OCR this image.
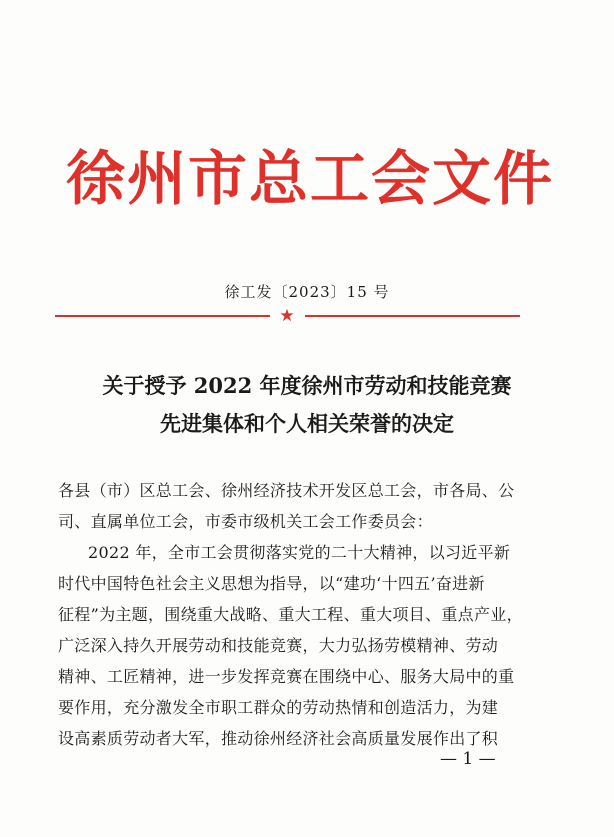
徐州市总工会文件
徐工发〔2023〕15 号
★
关于授予 2022 年度徐州市劳动和技能竞赛
先进集体和个人相关荣誉的决定
各县（市）区总工会、徐州经济技术开发区总工会，市各局、公
司、直属单位工会，市委市级机关工会工作委员会：
2022 年，全市工会贯彻落实党的二十大精神，以习近平新
时代中国特色社会主义思想为指导，以“建功‘十四五’奋进新
征程”为主题，围绕重大战略、重大工程、重大项目、重点产业，
广泛深入持久开展劳动和技能竞赛，大力弘扬劳模精神、劳动
精神、工匠精神，进一步发挥竞赛在围绕中心、服务大局中的重
要作用，充分激发全市职工群众的劳动热情和创造活力，为建
设高素质劳动者大军，推动徐州经济社会高质量发展作出了积
— 1 —
